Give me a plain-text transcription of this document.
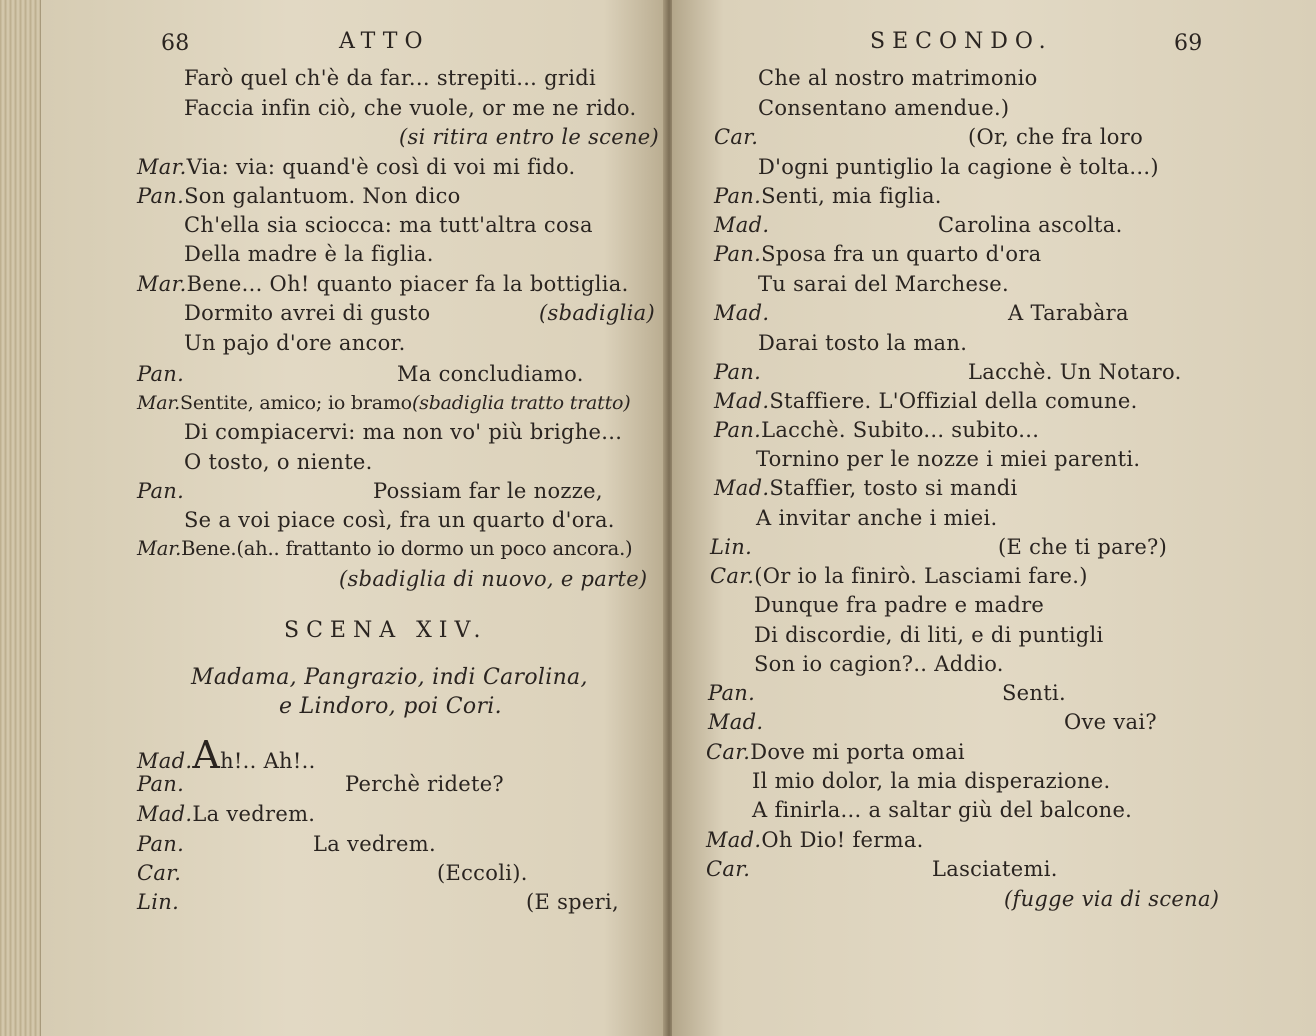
68	ATTO
Farò quel ch'è da far... strepiti... gridi
Faccia infin ciò, che vuole, or me ne rido.
(si ritira entro le scene)
Mar.Via: via: quand'è così di voi mi fido.
Pan.Son galantuom. Non dico
Ch'ella sia sciocca: ma tutt'altra cosa
Della madre è la figlia.
Mar.Bene... Oh! quanto piacer fa la bottiglia.
Dormito avrei di gusto	(sbadiglia)
Un pajo d'ore ancor.
Pan.	Ma concludiamo.
Mar.Sentite, amico; io bramo(sbadiglia tratto tratto)
Di compiacervi: ma non vo' più brighe...
O tosto, o niente.
Pan.	Possiam far le nozze,
Se a voi piace così, fra un quarto d'ora.
Mar.Bene.(ah.. frattanto io dormo un poco ancora.)
(sbadiglia di nuovo, e parte)
SCENA XIV.
Madama, Pangrazio, indi Carolina,
e Lindoro, poi Cori.
Mad.Ah!.. Ah!..
Pan.	Perchè ridete?
Mad.La vedrem.
Pan.	La vedrem.
Car.	(Eccoli).
Lin.	(E speri,
SECONDO.	69
Che al nostro matrimonio
Consentano amendue.)
Car.	(Or, che fra loro
D'ogni puntiglio la cagione è tolta...)
Pan.Senti, mia figlia.
Mad.	Carolina ascolta.
Pan.Sposa fra un quarto d'ora
Tu sarai del Marchese.
Mad.	A Tarabàra
Darai tosto la man.
Pan.	Lacchè. Un Notaro.
Mad.Staffiere. L'Offizial della comune.
Pan.Lacchè. Subito... subito...
Tornino per le nozze i miei parenti.
Mad.Staffier, tosto si mandi
A invitar anche i miei.
Lin.	(E che ti pare?)
Car.(Or io la finirò. Lasciami fare.)
Dunque fra padre e madre
Di discordie, di liti, e di puntigli
Son io cagion?.. Addio.
Pan.	Senti.
Mad.	Ove vai?
Car.Dove mi porta omai
Il mio dolor, la mia disperazione.
A finirla... a saltar giù del balcone.
Mad.Oh Dio! ferma.
Car.	Lasciatemi.
(fugge via di scena)
